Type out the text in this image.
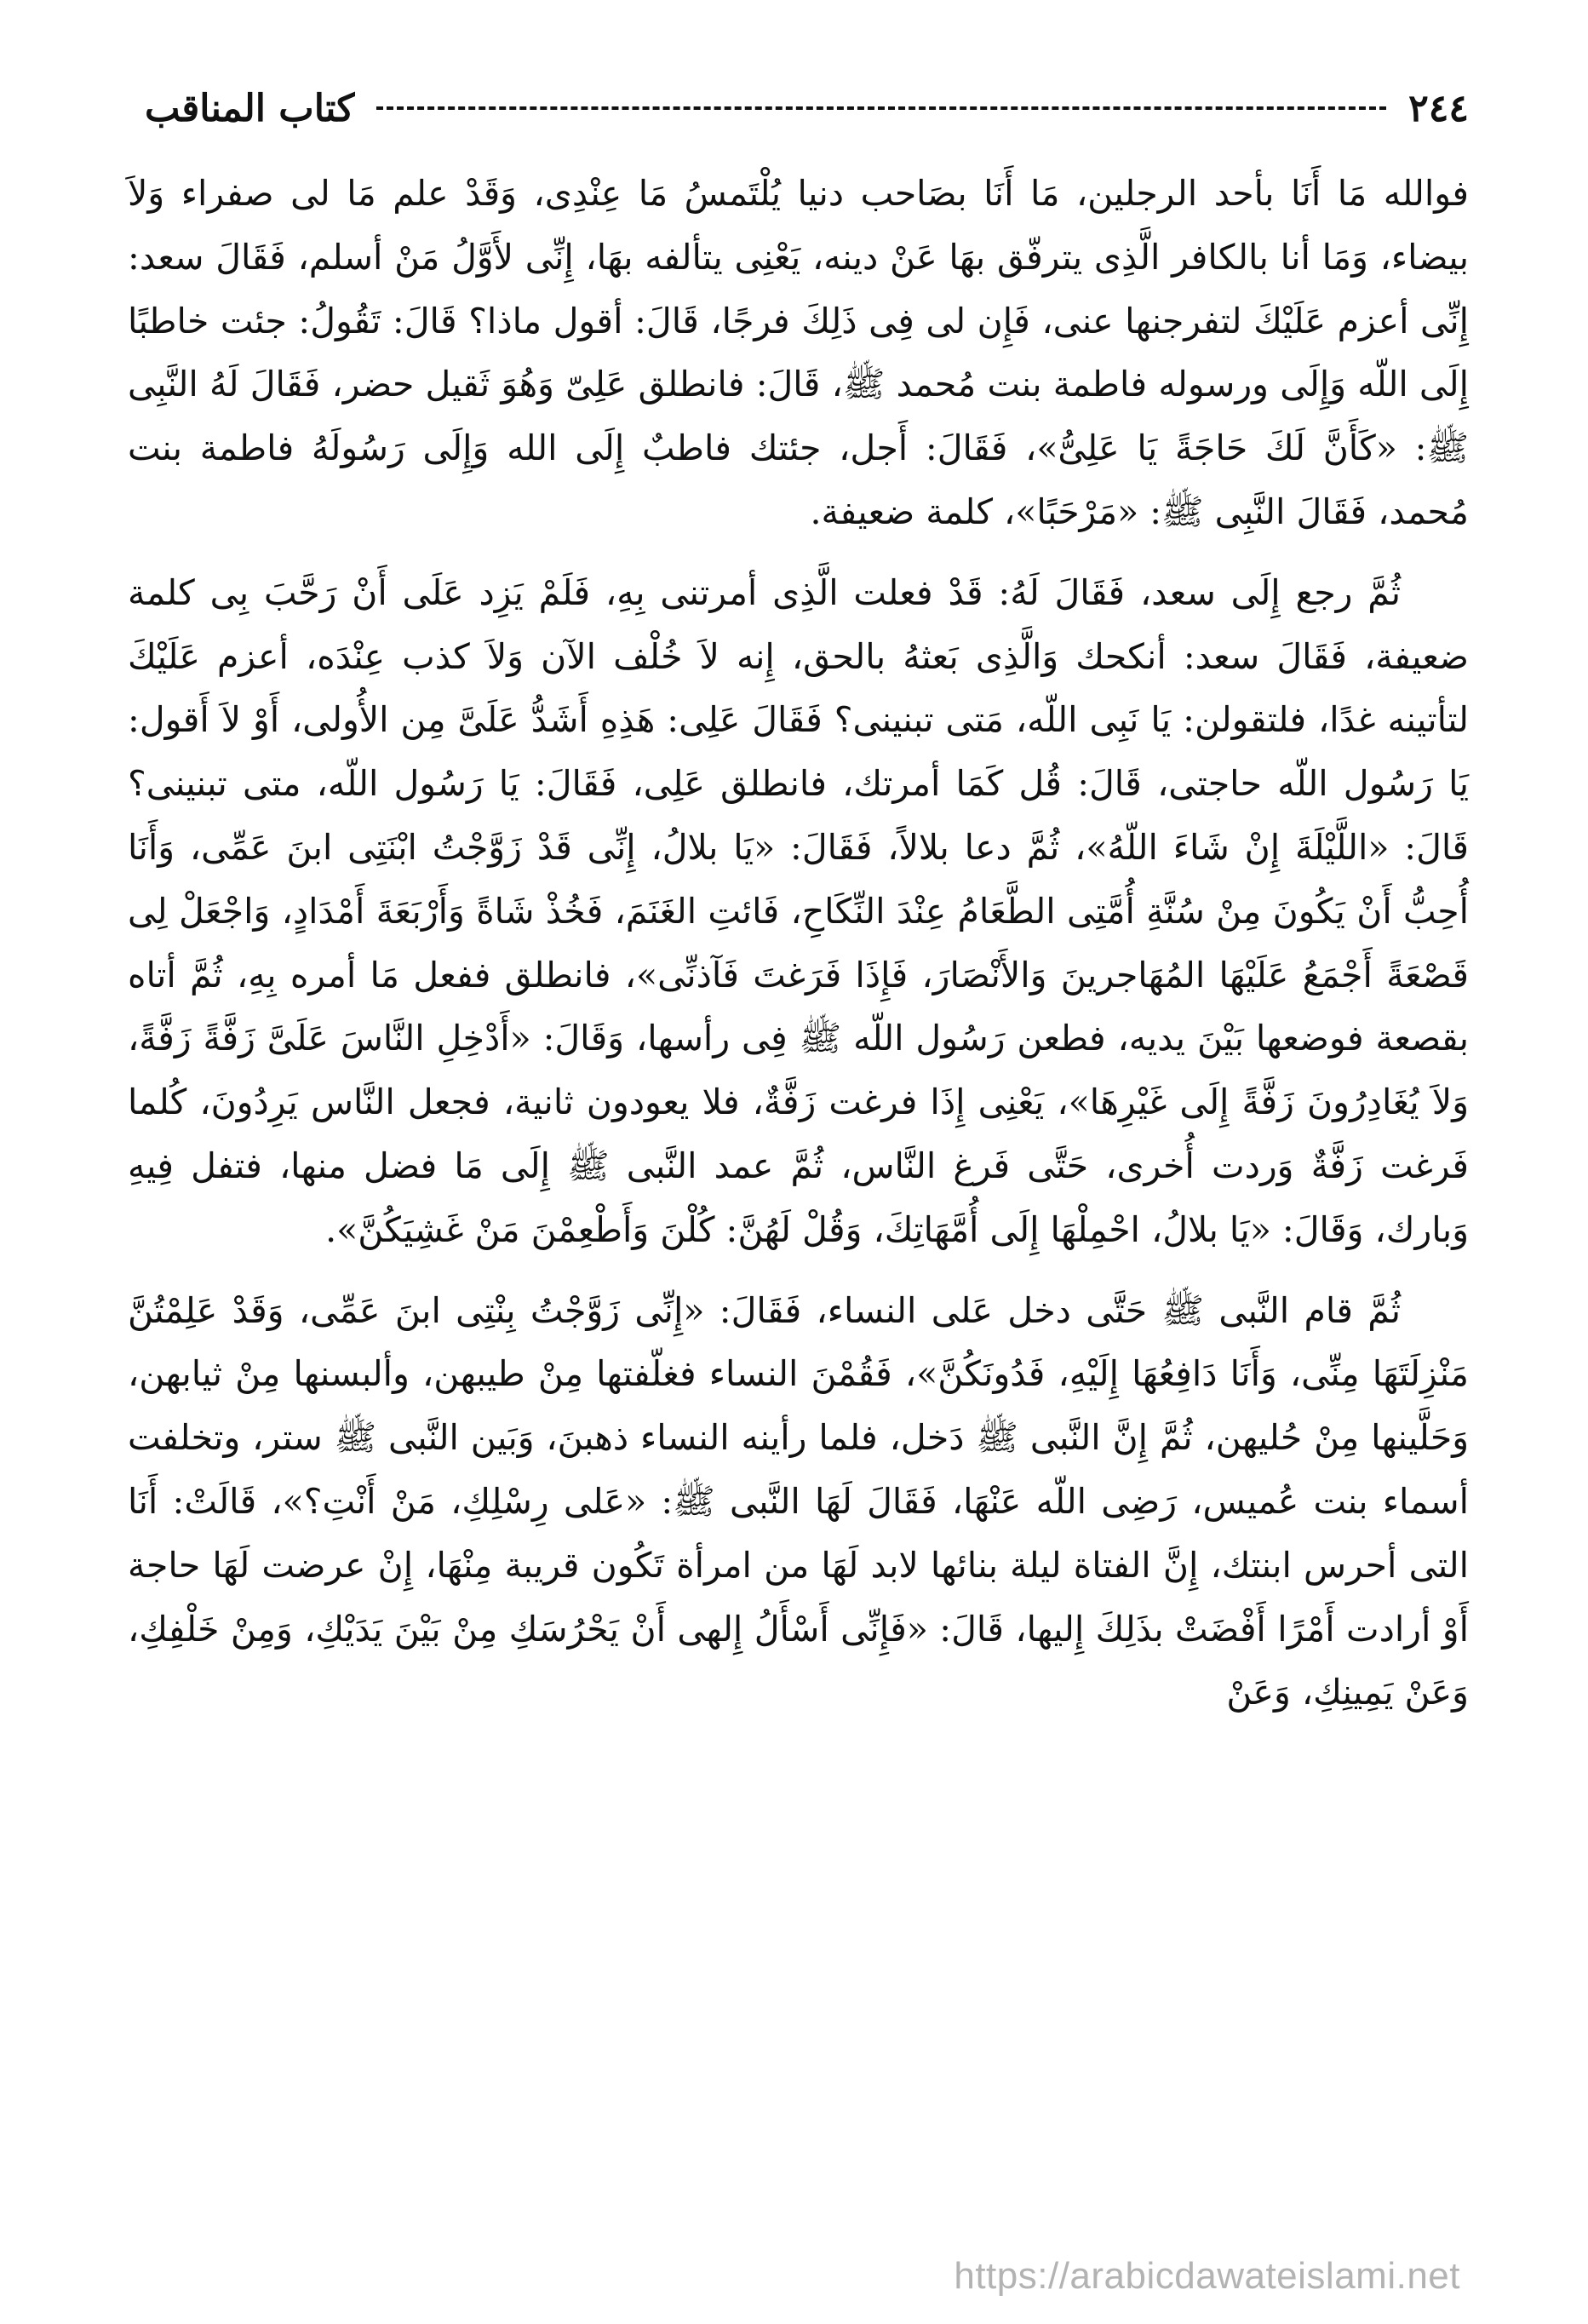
٢٤٤
كتاب المناقب

فوالله مَا أَنَا بأحد الرجلين، مَا أَنَا بصَاحب دنيا يُلْتَمسُ مَا عِنْدِى، وَقَدْ علم مَا لى صفراء وَلاَ بيضاء، وَمَا أنا بالكافر الَّذِى يترفّق بهَا عَنْ دينه، يَعْنِى يتألفه بهَا، إِنِّى لأَوَّلُ مَنْ أسلم، فَقَالَ سعد: إِنِّى أعزم عَلَيْكَ لتفرجنها عنى، فَإِن لى فِى ذَلِكَ فرجًا، قَالَ: أقول ماذا؟ قَالَ: تَقُولُ: جئت خاطبًا إِلَى اللّه وَإِلَى ورسوله فاطمة بنت مُحمد ﷺ، قَالَ: فانطلق عَلِىّ وَهُوَ ثَقيل حضر، فَقَالَ لَهُ النَّبِى ﷺ: «كَأَنَّ لَكَ حَاجَةً يَا عَلِىُّ»، فَقَالَ: أَجل، جئتك فاطبٌ إِلَى الله وَإِلَى رَسُولَهُ فاطمة بنت مُحمد، فَقَالَ النَّبِى ﷺ: «مَرْحَبًا»، كلمة ضعيفة.

ثُمَّ رجع إِلَى سعد، فَقَالَ لَهُ: قَدْ فعلت الَّذِى أمرتنى بِهِ، فَلَمْ يَزِد عَلَى أَنْ رَحَّبَ بِى كلمة ضعيفة، فَقَالَ سعد: أنكحك وَالَّذِى بَعثهُ بالحق، إِنه لاَ خُلْف الآن وَلاَ كذب عِنْدَه، أعزم عَلَيْكَ لتأتينه غدًا، فلتقولن: يَا نَبِى اللّه، مَتى تبنينى؟ فَقَالَ عَلِى: هَذِهِ أَشَدُّ عَلَىَّ مِن الأُولى، أَوْ لاَ أَقول: يَا رَسُول اللّه حاجتى، قَالَ: قُل كَمَا أمرتك، فانطلق عَلِى، فَقَالَ: يَا رَسُول اللّه، متى تبنينى؟ قَالَ: «اللَّيْلَةَ إِنْ شَاءَ اللّهُ»، ثُمَّ دعا بلالاً، فَقَالَ: «يَا بلالُ، إِنِّى قَدْ زَوَّجْتُ ابْنَتِى ابنَ عَمِّى، وَأَنَا أُحِبُّ أَنْ يَكُونَ مِنْ سُنَّةِ أُمَّتِى الطَّعَامُ عِنْدَ النِّكَاحِ، فَائتِ الغَنَمَ، فَخُذْ شَاةً وَأَرْبَعَةَ أَمْدَادٍ، وَاجْعَلْ لِى قَصْعَةً أَجْمَعُ عَلَيْهَا المُهَاجرينَ وَالأَنْصَارَ، فَإِذَا فَرَغتَ فَآذنِّى»، فانطلق ففعل مَا أمره بِهِ، ثُمَّ أتاه بقصعة فوضعها بَيْنَ يديه، فطعن رَسُول اللّه ﷺ فِى رأسها، وَقَالَ: «أَدْخِلِ النَّاسَ عَلَىَّ زَفَّةً زَفَّةً، وَلاَ يُغَادِرُونَ زَفَّةً إِلَى غَيْرِهَا»، يَعْنِى إِذَا فرغت زَفَّةٌ، فلا يعودون ثانية، فجعل النَّاس يَرِدُونَ، كُلما فَرغت زَفَّةٌ وَردت أُخرى، حَتَّى فَرغ النَّاس، ثُمَّ عمد النَّبى ﷺ إِلَى مَا فضل منها، فتفل فِيهِ وَبارك، وَقَالَ: «يَا بلالُ، احْمِلْهَا إِلَى أُمَّهَاتِكَ، وَقُلْ لَهُنَّ: كُلْنَ وَأَطْعِمْنَ مَنْ غَشِيَكُنَّ».

ثُمَّ قام النَّبى ﷺ حَتَّى دخل عَلى النساء، فَقَالَ: «إِنِّى زَوَّجْتُ بِنْتِى ابنَ عَمِّى، وَقَدْ عَلِمْتُنَّ مَنْزِلَتَهَا مِنِّى، وَأَنَا دَافِعُهَا إِلَيْهِ، فَدُونَكُنَّ»، فَقُمْنَ النساء فغلّفتها مِنْ طيبهن، وألبسنها مِنْ ثيابهن، وَحَلَّينها مِنْ حُليهن، ثُمَّ إِنَّ النَّبى ﷺ دَخل، فلما رأينه النساء ذهبنَ، وَبَين النَّبى ﷺ ستر، وتخلفت أسماء بنت عُميس، رَضِى اللّه عَنْهَا، فَقَالَ لَهَا النَّبى ﷺ: «عَلى رِسْلِكِ، مَنْ أَنْتِ؟»، قَالَتْ: أَنَا التى أحرس ابنتك، إِنَّ الفتاة ليلة بنائها لابد لَهَا من امرأة تَكُون قريبة مِنْهَا، إِنْ عرضت لَهَا حاجة أَوْ أرادت أَمْرًا أَفْضَتْ بذَلِكَ إِليها، قَالَ: «فَإِنِّى أَسْأَلُ إِلهى أَنْ يَحْرُسَكِ مِنْ بَيْنَ يَدَيْكِ، وَمِنْ خَلْفِكِ، وَعَنْ يَمِينِكِ، وَعَنْ

https://arabicdawateislami.net
